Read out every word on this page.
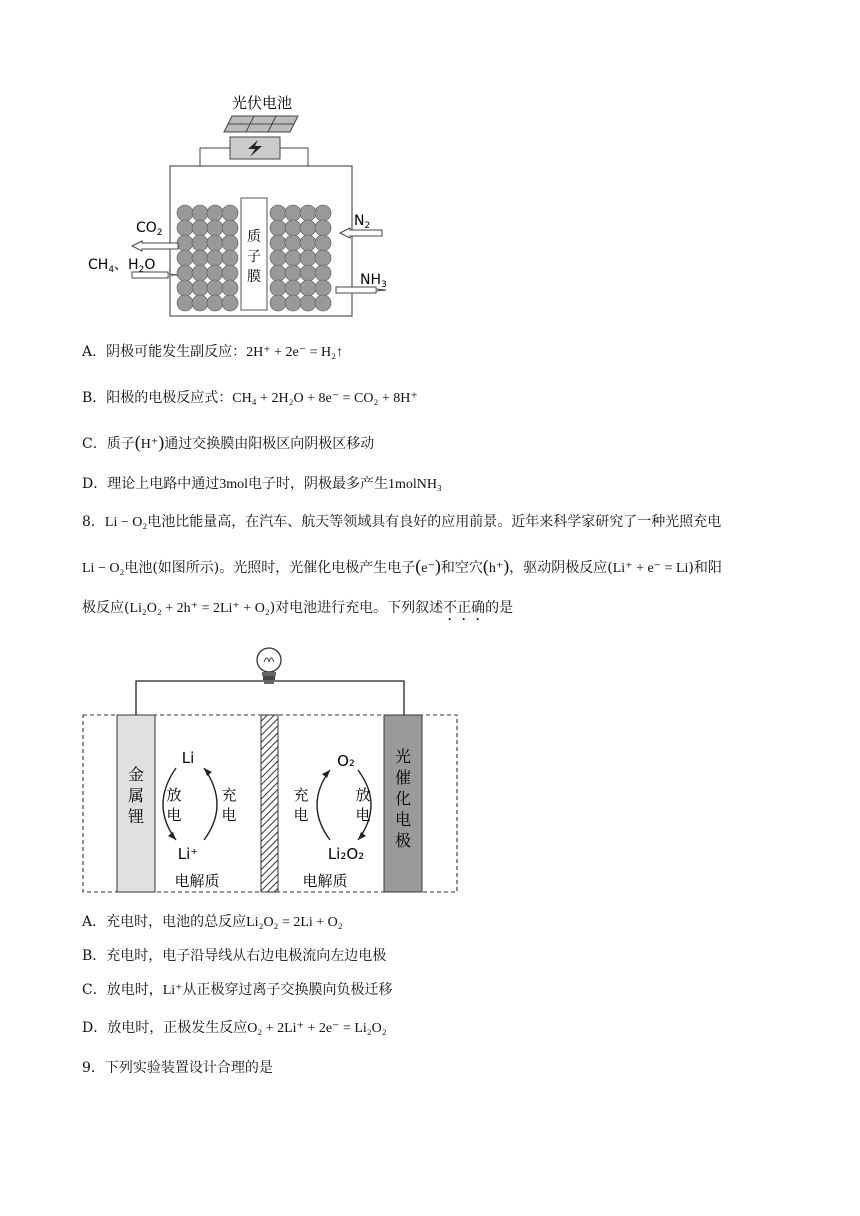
光伏电池
质
子
膜
$CO_2$
$N_2$
$CH_4$、$H_2O$
$NH_3$
A．阴极可能发生副反应：2H⁺ + 2e⁻ = H₂↑
B．阳极的电极反应式：CH₄ + 2H₂O + 8e⁻ = CO₂ + 8H⁺
C．质子(H⁺)通过交换膜由阳极区向阴极区移动
D．理论上电路中通过3mol电子时，阴极最多产生1molNH₃
8．Li − O₂电池比能量高，在汽车、航天等领域具有良好的应用前景。近年来科学家研究了一种光照充电
Li − O₂电池(如图所示)。光照时，光催化电极产生电子(e⁻)和空穴(h⁺)，驱动阴极反应(Li⁺ + e⁻ = Li)和阳
极反应(Li₂O₂ + 2h⁺ = 2Li⁺ + O₂)对电池进行充电。下列叙述不正确的是
金
属
锂
光
催
化
电
极
Li
Li⁺
放
电
充
电
电解质
O₂
Li₂O₂
充
电
放
电
电解质
A．充电时，电池的总反应Li₂O₂ = 2Li + O₂
B．充电时，电子沿导线从右边电极流向左边电极
C．放电时，Li⁺从正极穿过离子交换膜向负极迁移
D．放电时，正极发生反应O₂ + 2Li⁺ + 2e⁻ = Li₂O₂
9．下列实验装置设计合理的是
